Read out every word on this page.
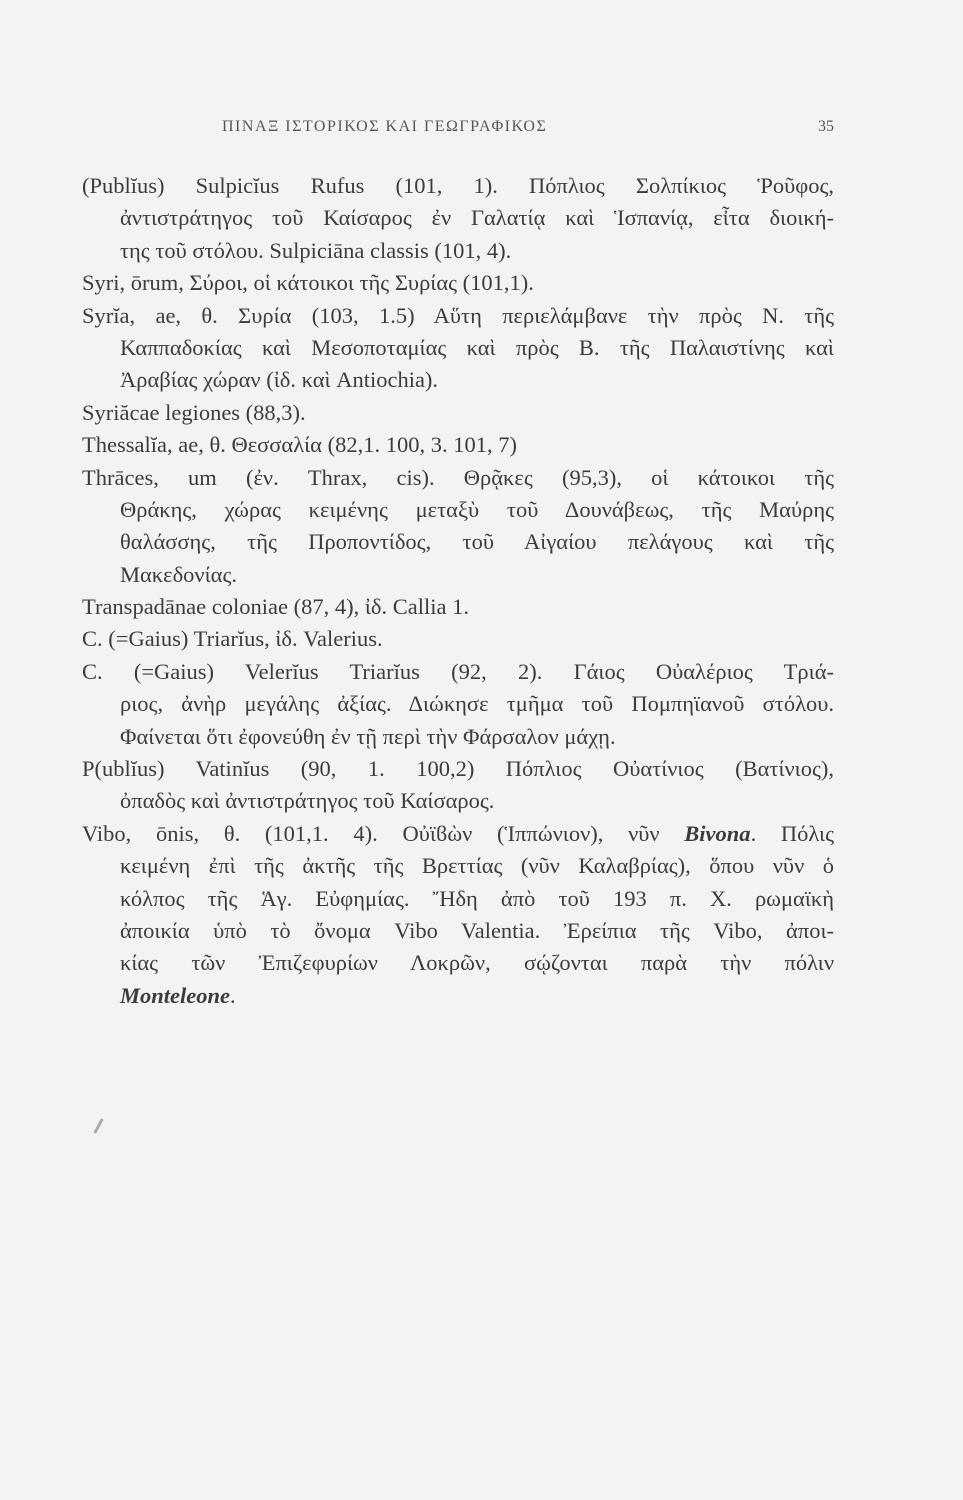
ΠΙΝΑΞ ΙΣΤΟΡΙΚΟΣ ΚΑΙ ΓΕΩΓΡΑΦΙΚΟΣ	35
(Publĭus) Sulpicĭus Rufus (101, 1). Πόπλιος Σολπίκιος Ῥοῦφος,
ἀντιστράτηγος τοῦ Καίσαρος ἐν Γαλατίᾳ καὶ Ἱσπανίᾳ, εἶτα διοική-
της τοῦ στόλου. Sulpiciāna classis (101, 4).
Syri, ōrum, Σύροι, οἱ κάτοικοι τῆς Συρίας (101,1).
Syrĭa, ae, θ. Συρία (103, 1.5) Αὕτη περιελάμβανε τὴν πρὸς Ν. τῆς
Καππαδοκίας καὶ Μεσοποταμίας καὶ πρὸς Β. τῆς Παλαιστίνης καὶ
Ἀραβίας χώραν (ἰδ. καὶ Antiochia).
Syriăcae legiones (88,3).
Thessalĭa, ae, θ. Θεσσαλία (82,1. 100, 3. 101, 7)
Thrāces, um (ἐν. Thrax, cis). Θρᾷκες (95,3), οἱ κάτοικοι τῆς
Θράκης, χώρας κειμένης μεταξὺ τοῦ Δουνάβεως, τῆς Μαύρης
θαλάσσης, τῆς Προποντίδος, τοῦ Αἰγαίου πελάγους καὶ τῆς
Μακεδονίας.
Transpadānae coloniae (87, 4), ἰδ. Callia 1.
C. (=Gaius) Triarĭus, ἰδ. Valerius.
C. (=Gaius) Velerĭus Triarĭus (92, 2). Γάιος Οὐαλέριος Τριά-
ριος, ἀνὴρ μεγάλης ἀξίας. Διώκησε τμῆμα τοῦ Πομπηϊανοῦ στόλου.
Φαίνεται ὅτι ἐφονεύθη ἐν τῇ περὶ τὴν Φάρσαλον μάχῃ.
P(ublĭus) Vatinĭus (90, 1. 100,2) Πόπλιος Οὐατίνιος (Βατίνιος),
ὀπαδὸς καὶ ἀντιστράτηγος τοῦ Καίσαρος.
Vibo, ōnis, θ. (101,1. 4). Οὐϊϐὼν (Ἱππώνιον), νῦν Bivona. Πόλις
κειμένη ἐπὶ τῆς ἀκτῆς τῆς Βρεττίας (νῦν Καλαβρίας), ὅπου νῦν ὁ
κόλπος τῆς Ἁγ. Εὐφημίας. Ἤδη ἀπὸ τοῦ 193 π. Χ. ρωμαϊκὴ
ἀποικία ὑπὸ τὸ ὄνομα Vibo Valentia. Ἐρείπια τῆς Vibo, ἀποι-
κίας τῶν Ἐπιζεφυρίων Λοκρῶν, σῴζονται παρὰ τὴν πόλιν
Monteleone.
